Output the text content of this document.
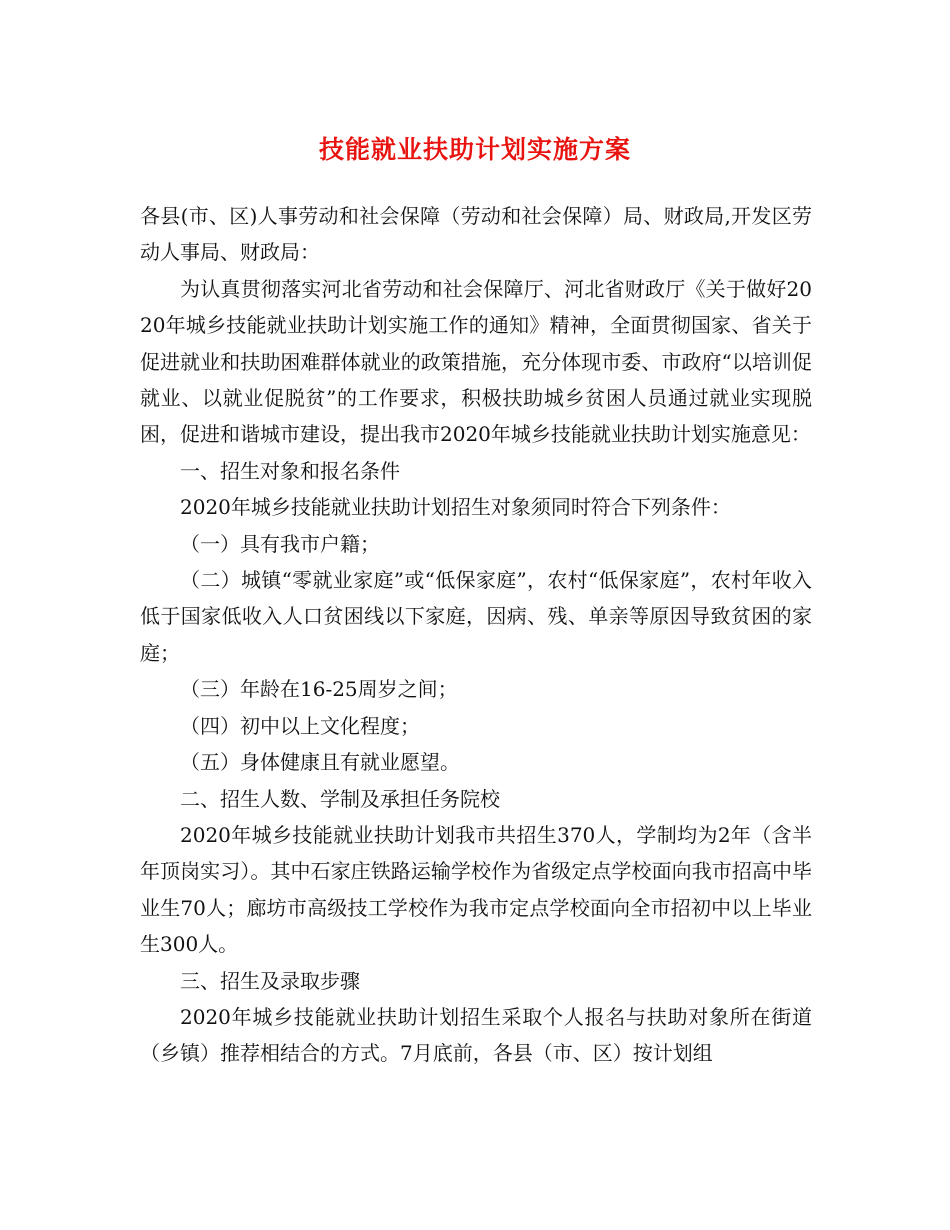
技能就业扶助计划实施方案

各县(市、区)人事劳动和社会保障（劳动和社会保障）局、财政局,开发区劳动人事局、财政局：

为认真贯彻落实河北省劳动和社会保障厅、河北省财政厅《关于做好2020年城乡技能就业扶助计划实施工作的通知》精神，全面贯彻国家、省关于促进就业和扶助困难群体就业的政策措施，充分体现市委、市政府“以培训促就业、以就业促脱贫”的工作要求，积极扶助城乡贫困人员通过就业实现脱困，促进和谐城市建设，提出我市2020年城乡技能就业扶助计划实施意见：

一、招生对象和报名条件

2020年城乡技能就业扶助计划招生对象须同时符合下列条件：

（一）具有我市户籍；

（二）城镇“零就业家庭”或“低保家庭”，农村“低保家庭”，农村年收入低于国家低收入人口贫困线以下家庭，因病、残、单亲等原因导致贫困的家庭；

（三）年龄在16-25周岁之间；

（四）初中以上文化程度；

（五）身体健康且有就业愿望。

二、招生人数、学制及承担任务院校

2020年城乡技能就业扶助计划我市共招生370人，学制均为2年（含半年顶岗实习）。其中石家庄铁路运输学校作为省级定点学校面向我市招高中毕业生70人；廊坊市高级技工学校作为我市定点学校面向全市招初中以上毕业生300人。

三、招生及录取步骤

2020年城乡技能就业扶助计划招生采取个人报名与扶助对象所在街道（乡镇）推荐相结合的方式。7月底前，各县（市、区）按计划组
